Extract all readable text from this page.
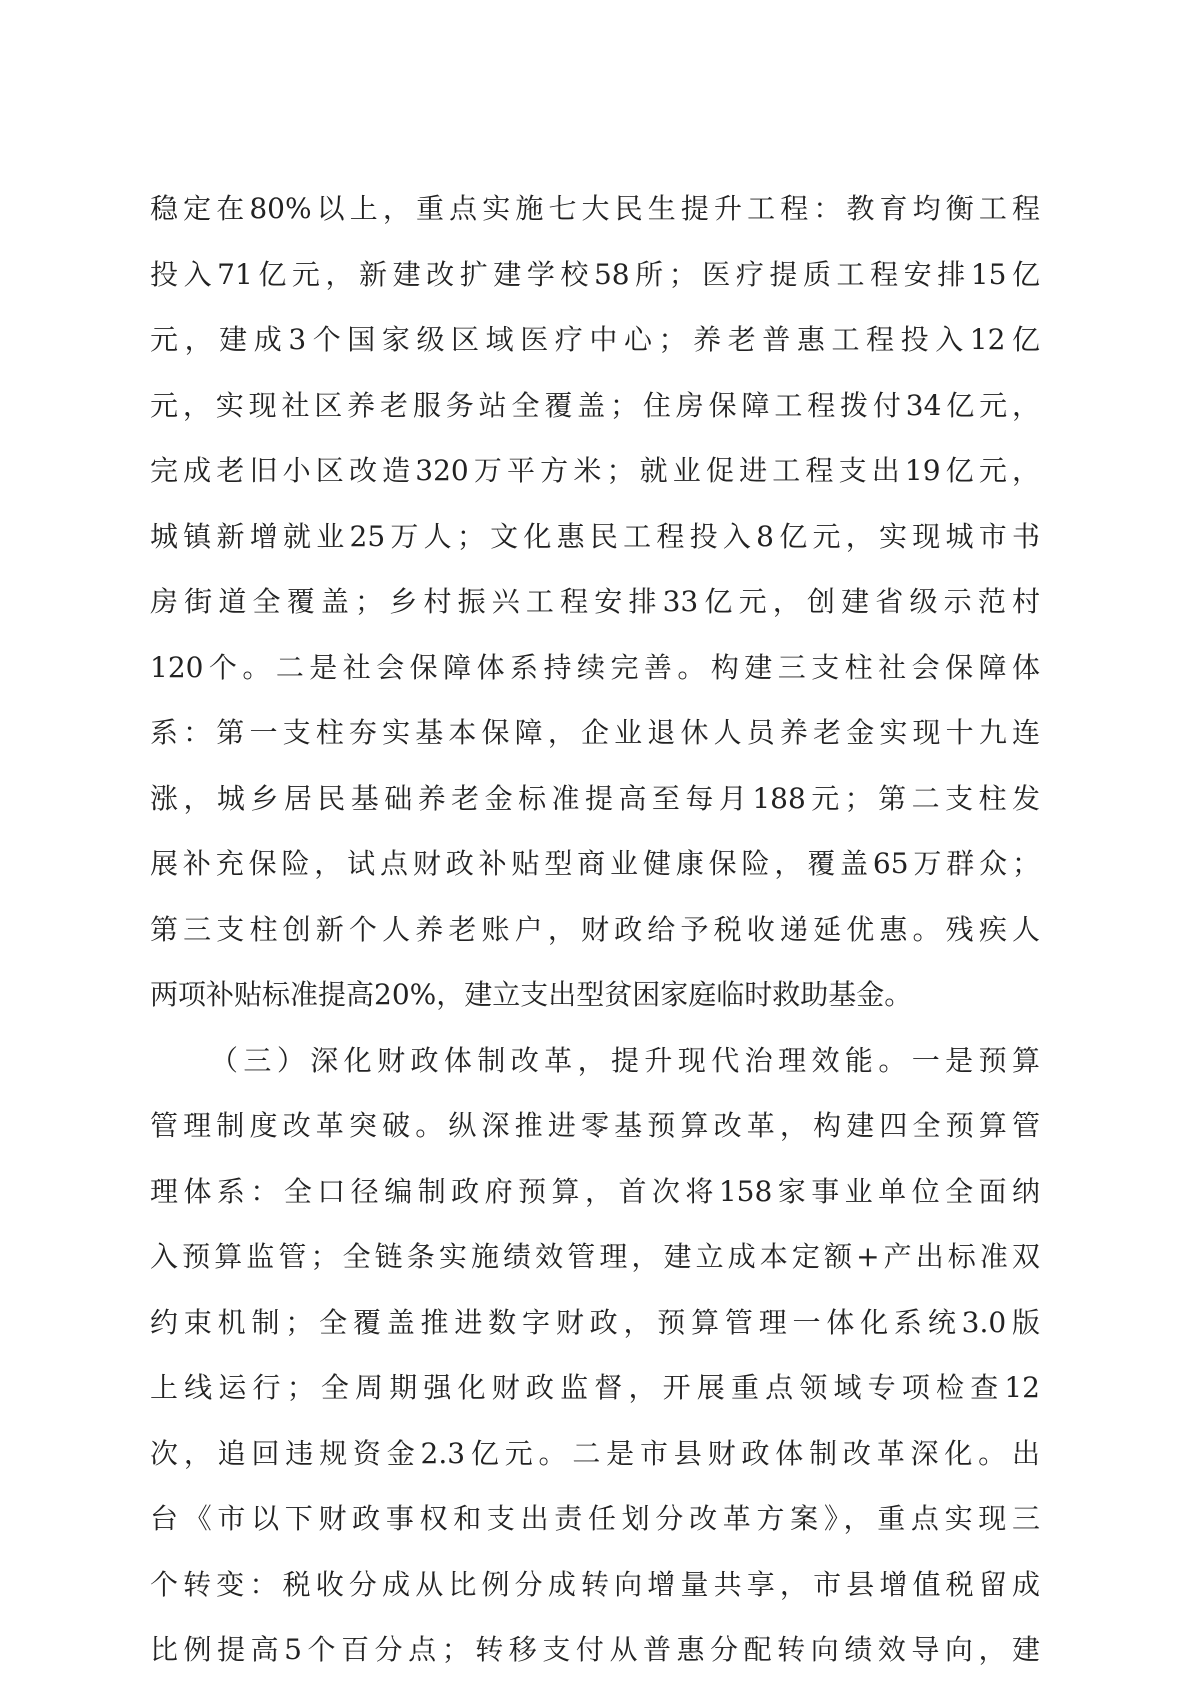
稳定在80%以上，重点实施七大民生提升工程：教育均衡工程
投入71亿元，新建改扩建学校58所；医疗提质工程安排15亿
元，建成3个国家级区域医疗中心；养老普惠工程投入12亿
元，实现社区养老服务站全覆盖；住房保障工程拨付34亿元，
完成老旧小区改造320万平方米；就业促进工程支出19亿元，
城镇新增就业25万人；文化惠民工程投入8亿元，实现城市书
房街道全覆盖；乡村振兴工程安排33亿元，创建省级示范村
120个。二是社会保障体系持续完善。构建三支柱社会保障体
系：第一支柱夯实基本保障，企业退休人员养老金实现十九连
涨，城乡居民基础养老金标准提高至每月188元；第二支柱发
展补充保险，试点财政补贴型商业健康保险，覆盖65万群众；
第三支柱创新个人养老账户，财政给予税收递延优惠。残疾人
两项补贴标准提高20%，建立支出型贫困家庭临时救助基金。
（三）深化财政体制改革，提升现代治理效能。一是预算
管理制度改革突破。纵深推进零基预算改革，构建四全预算管
理体系：全口径编制政府预算，首次将158家事业单位全面纳
入预算监管；全链条实施绩效管理，建立成本定额+产出标准双
约束机制；全覆盖推进数字财政，预算管理一体化系统3.0版
上线运行；全周期强化财政监督，开展重点领域专项检查12
次，追回违规资金2.3亿元。二是市县财政体制改革深化。出
台《市以下财政事权和支出责任划分改革方案》，重点实现三
个转变：税收分成从比例分成转向增量共享，市县增值税留成
比例提高5个百分点；转移支付从普惠分配转向绩效导向，建
